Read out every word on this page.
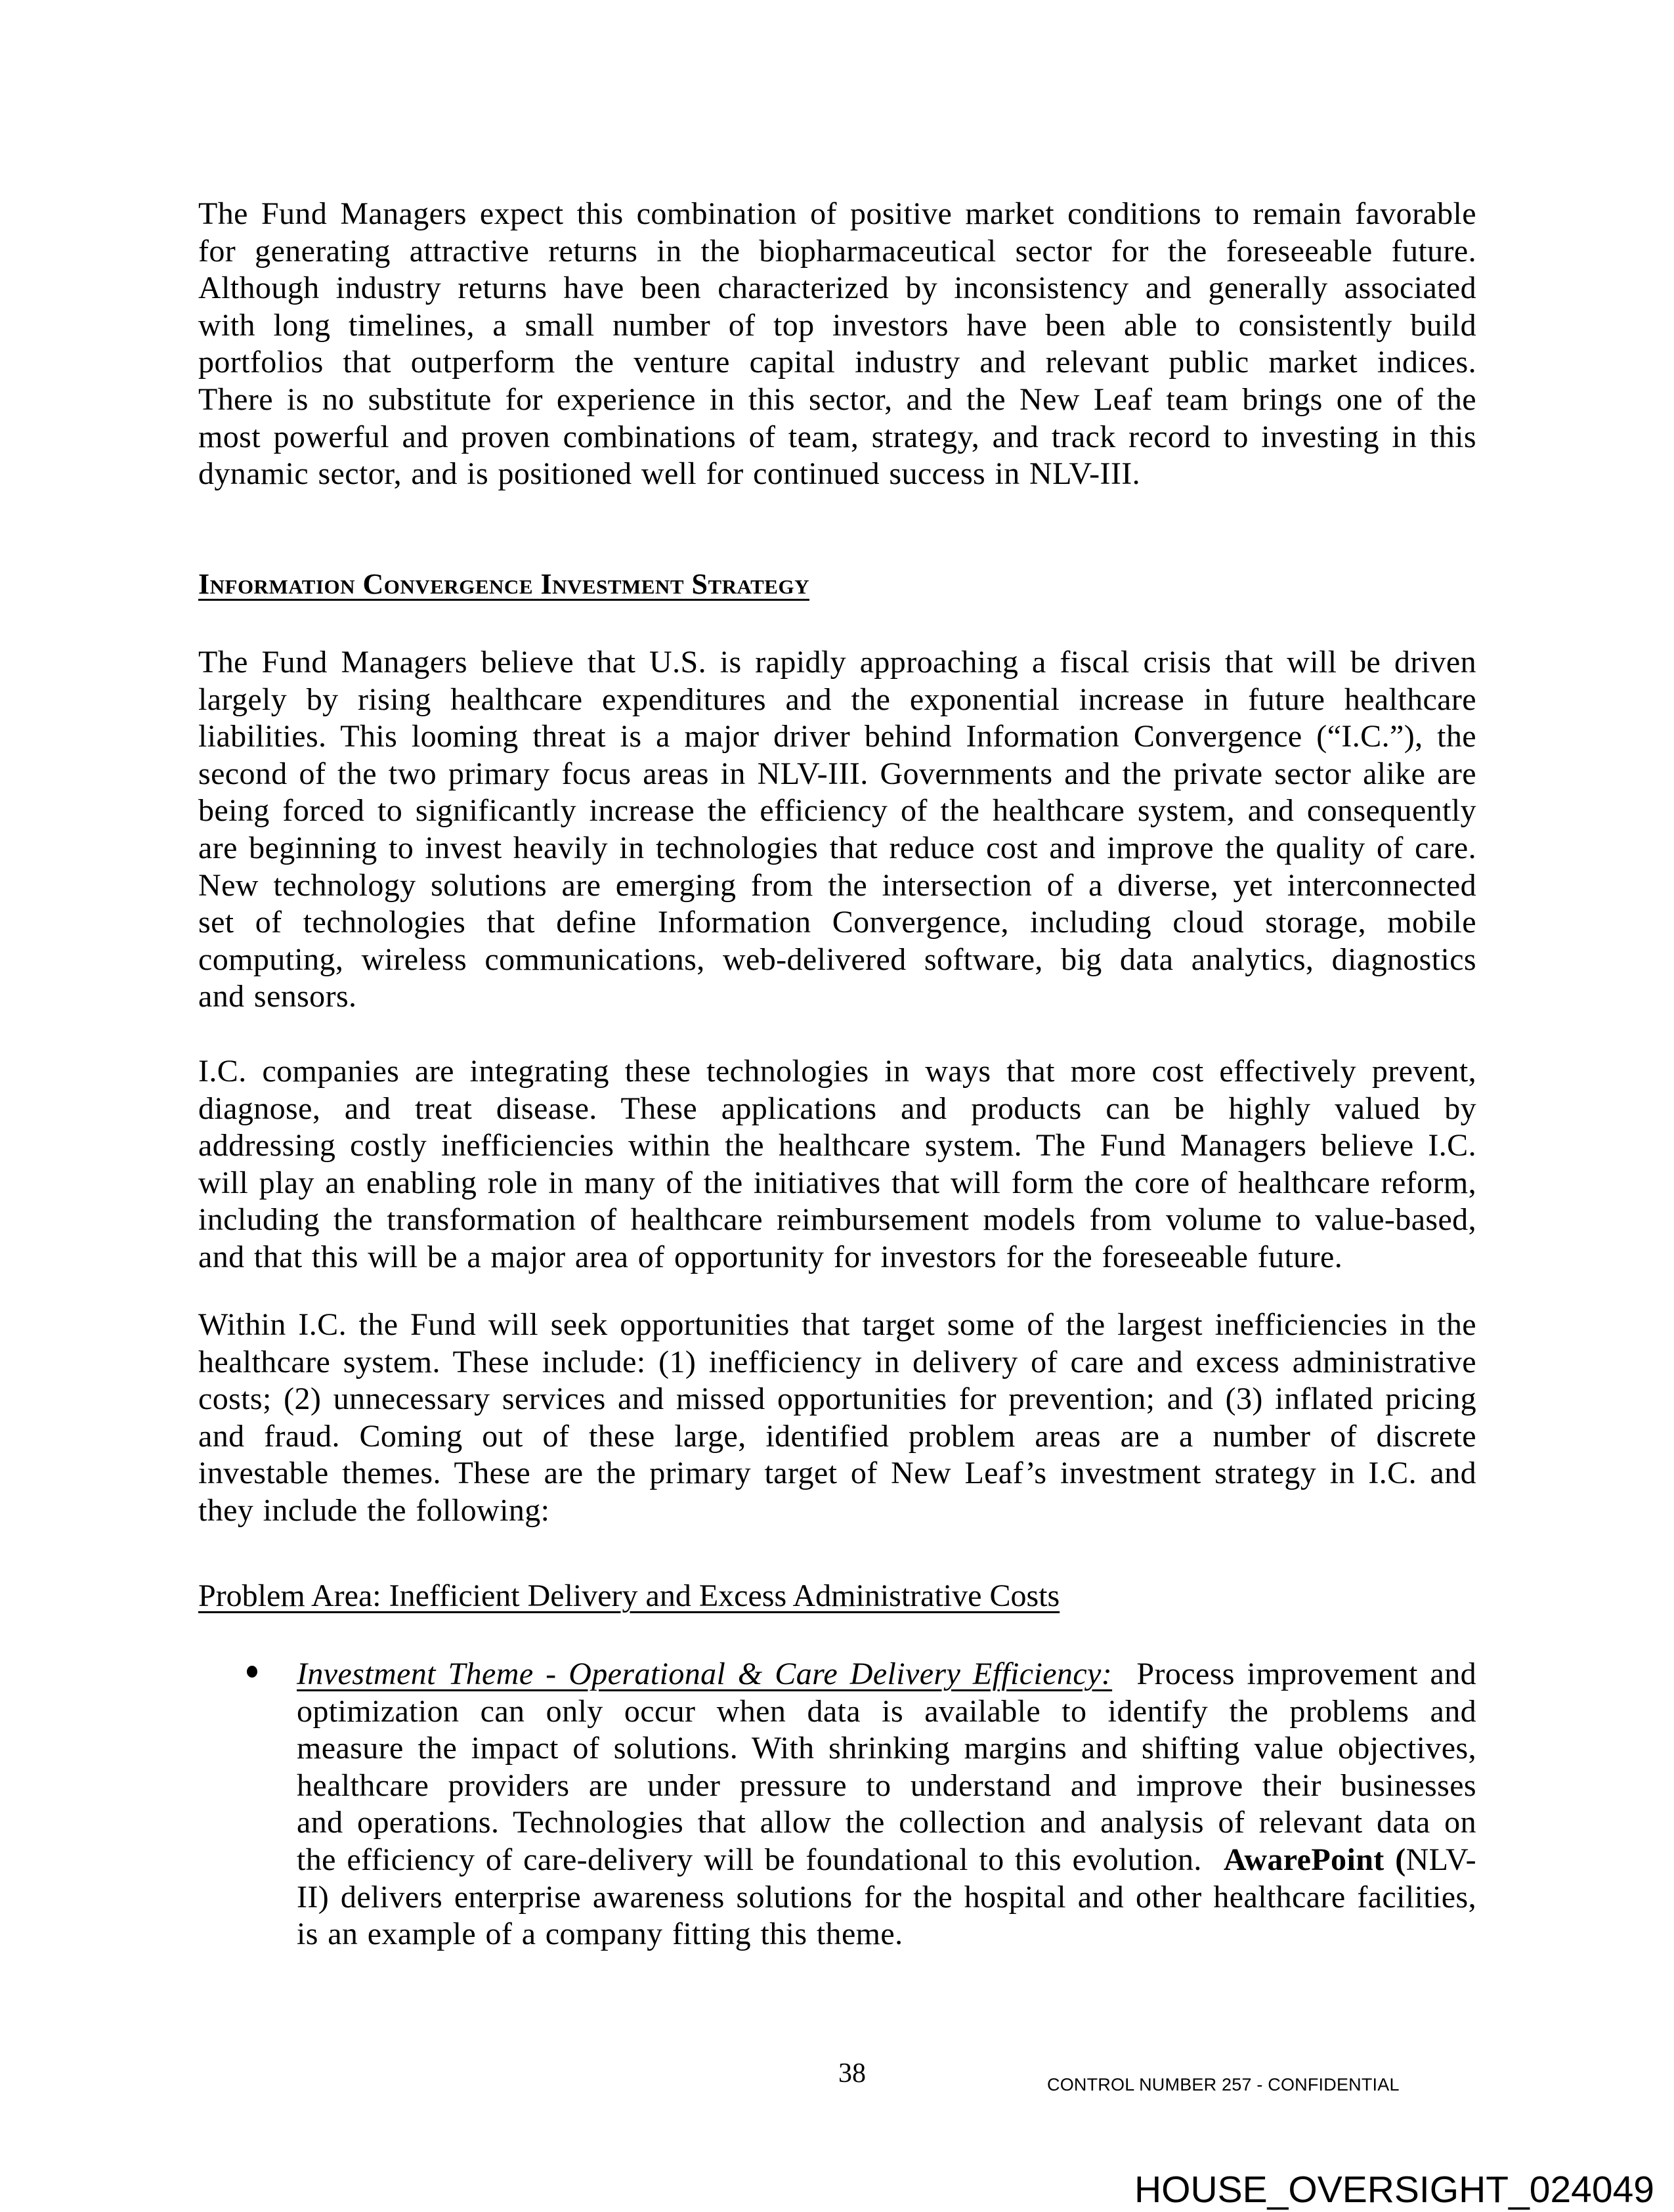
The Fund Managers expect this combination of positive market conditions to remain favorable
for generating attractive returns in the biopharmaceutical sector for the foreseeable future.
Although industry returns have been characterized by inconsistency and generally associated
with long timelines, a small number of top investors have been able to consistently build
portfolios that outperform the venture capital industry and relevant public market indices.
There is no substitute for experience in this sector, and the New Leaf team brings one of the
most powerful and proven combinations of team, strategy, and track record to investing in this
dynamic sector, and is positioned well for continued success in NLV-III.
Information Convergence Investment Strategy
The Fund Managers believe that U.S. is rapidly approaching a fiscal crisis that will be driven
largely by rising healthcare expenditures and the exponential increase in future healthcare
liabilities. This looming threat is a major driver behind Information Convergence (“I.C.”), the
second of the two primary focus areas in NLV-III. Governments and the private sector alike are
being forced to significantly increase the efficiency of the healthcare system, and consequently
are beginning to invest heavily in technologies that reduce cost and improve the quality of care.
New technology solutions are emerging from the intersection of a diverse, yet interconnected
set of technologies that define Information Convergence, including cloud storage, mobile
computing, wireless communications, web-delivered software, big data analytics, diagnostics
and sensors.
I.C. companies are integrating these technologies in ways that more cost effectively prevent,
diagnose, and treat disease. These applications and products can be highly valued by
addressing costly inefficiencies within the healthcare system. The Fund Managers believe I.C.
will play an enabling role in many of the initiatives that will form the core of healthcare reform,
including the transformation of healthcare reimbursement models from volume to value-based,
and that this will be a major area of opportunity for investors for the foreseeable future.
Within I.C. the Fund will seek opportunities that target some of the largest inefficiencies in the
healthcare system. These include: (1) inefficiency in delivery of care and excess administrative
costs; (2) unnecessary services and missed opportunities for prevention; and (3) inflated pricing
and fraud. Coming out of these large, identified problem areas are a number of discrete
investable themes. These are the primary target of New Leaf’s investment strategy in I.C. and
they include the following:
Problem Area: Inefficient Delivery and Excess Administrative Costs
Investment Theme - Operational & Care Delivery Efficiency:  Process improvement and
optimization can only occur when data is available to identify the problems and
measure the impact of solutions. With shrinking margins and shifting value objectives,
healthcare providers are under pressure to understand and improve their businesses
and operations. Technologies that allow the collection and analysis of relevant data on
the efficiency of care-delivery will be foundational to this evolution.  AwarePoint (NLV-
II) delivers enterprise awareness solutions for the hospital and other healthcare facilities,
is an example of a company fitting this theme.
38	CONTROL NUMBER 257 - CONFIDENTIAL
HOUSE_OVERSIGHT_024049
